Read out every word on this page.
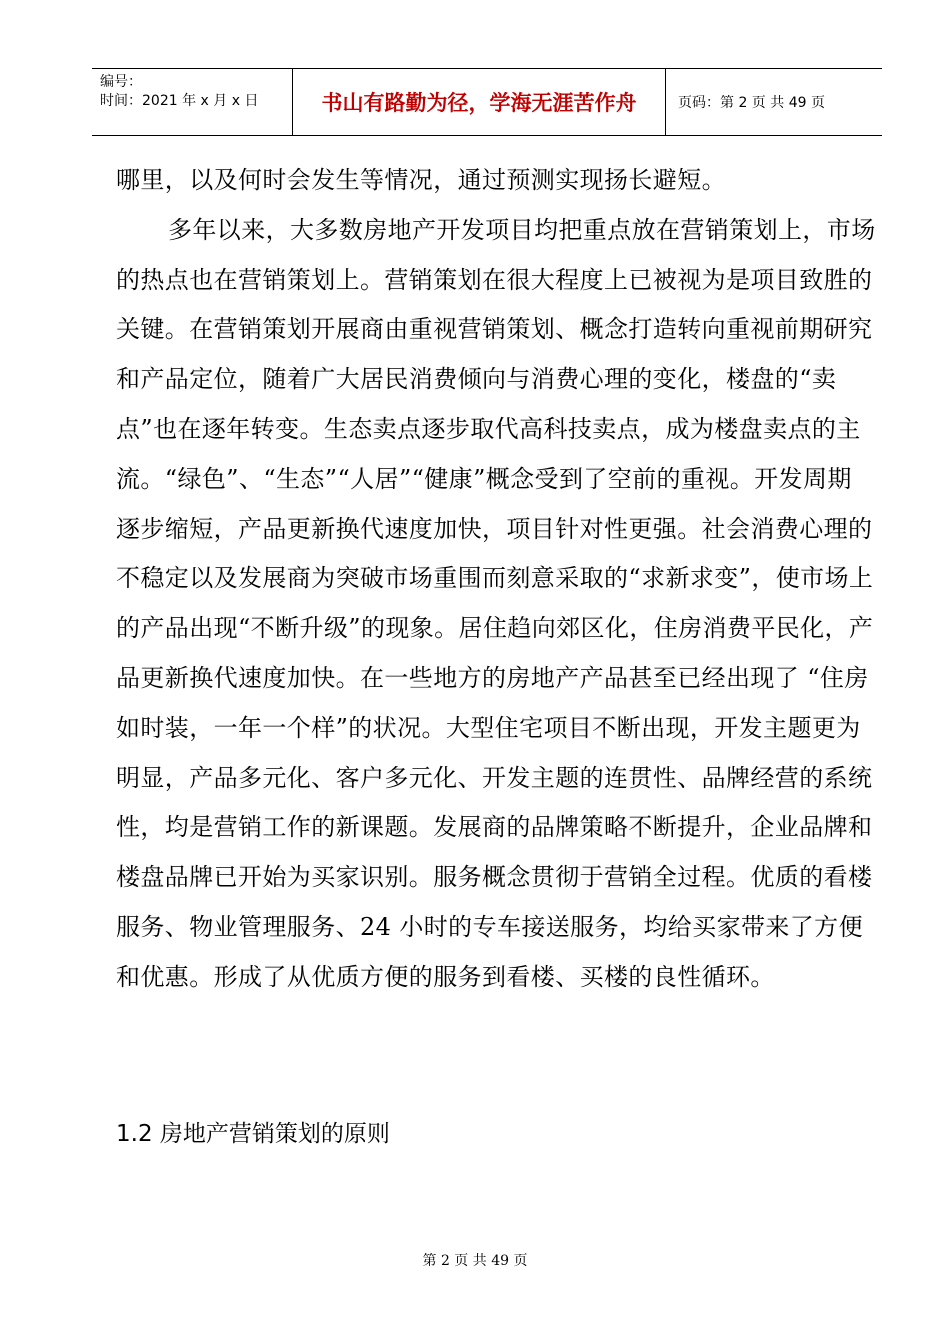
编号：
时间：2021 年 x 月 x 日	书山有路勤为径，学海无涯苦作舟	页码：第 2 页 共 49 页

哪里，以及何时会发生等情况，通过预测实现扬长避短。

多年以来，大多数房地产开发项目均把重点放在营销策划上，市场的热点也在营销策划上。营销策划在很大程度上已被视为是项目致胜的关键。在营销策划开展商由重视营销策划、概念打造转向重视前期研究和产品定位，随着广大居民消费倾向与消费心理的变化，楼盘的“卖点”也在逐年转变。生态卖点逐步取代高科技卖点，成为楼盘卖点的主流。“绿色”、“生态”“人居”“健康”概念受到了空前的重视。开发周期逐步缩短，产品更新换代速度加快，项目针对性更强。社会消费心理的不稳定以及发展商为突破市场重围而刻意采取的“求新求变”，使市场上的产品出现“不断升级”的现象。居住趋向郊区化，住房消费平民化，产品更新换代速度加快。在一些地方的房地产产品甚至已经出现了 “住房如时装，一年一个样”的状况。大型住宅项目不断出现，开发主题更为明显，产品多元化、客户多元化、开发主题的连贯性、品牌经营的系统性，均是营销工作的新课题。发展商的品牌策略不断提升，企业品牌和楼盘品牌已开始为买家识别。服务概念贯彻于营销全过程。优质的看楼服务、物业管理服务、24 小时的专车接送服务，均给买家带来了方便和优惠。形成了从优质方便的服务到看楼、买楼的良性循环。

1.2 房地产营销策划的原则
第 2 页 共 49 页
